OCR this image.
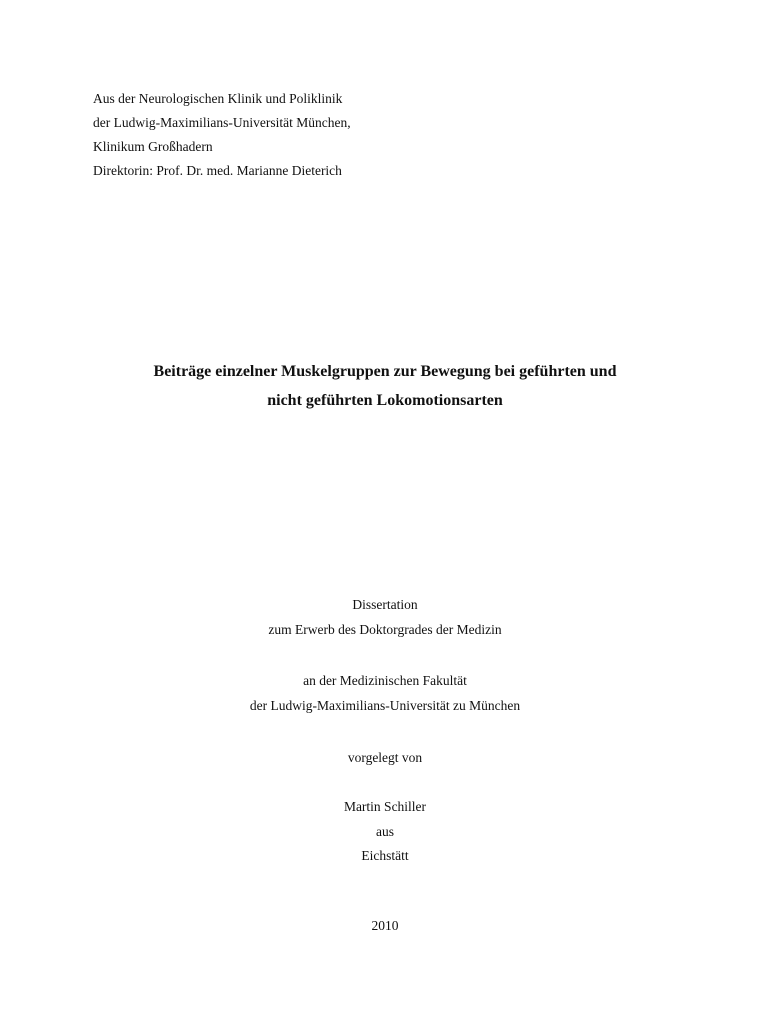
Aus der Neurologischen Klinik und Poliklinik
der Ludwig-Maximilians-Universität München,
Klinikum Großhadern
Direktorin: Prof. Dr. med. Marianne Dieterich
Beiträge einzelner Muskelgruppen zur Bewegung bei geführten und
nicht geführten Lokomotionsarten
Dissertation
zum Erwerb des Doktorgrades der Medizin
an der Medizinischen Fakultät
der Ludwig-Maximilians-Universität zu München
vorgelegt von
Martin Schiller
aus
Eichstätt
2010
